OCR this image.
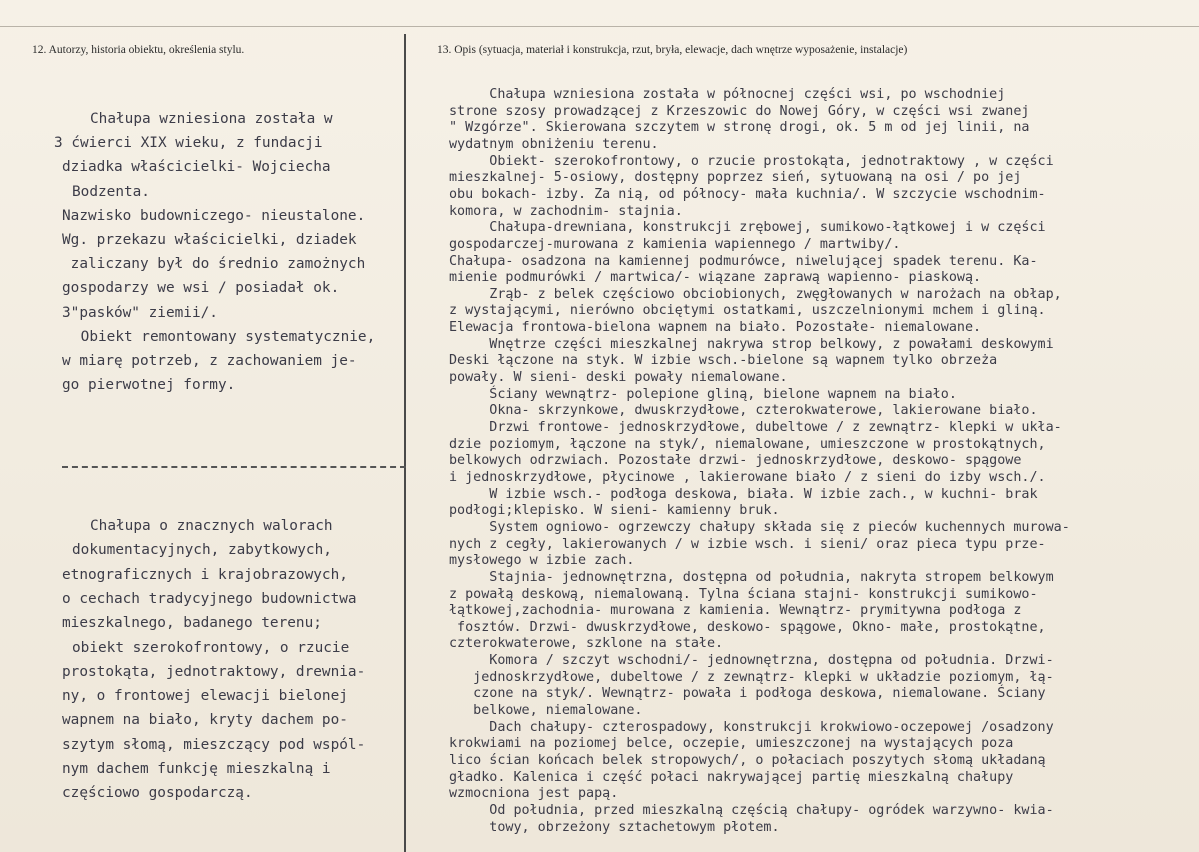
12. Autorzy, historia obiektu, określenia stylu.	13. Opis (sytuacja, materiał i konstrukcja, rzut, bryła, elewacje, dach wnętrze wyposażenie, instalacje)
Chałupa wzniesiona została w
3 ćwierci XIX wieku, z fundacji
dziadka właścicielki- Wojciecha
Bodzenta.
Nazwisko budowniczego- nieustalone.
Wg. przekazu właścicielki, dziadek
zaliczany był do średnio zamożnych
gospodarzy we wsi / posiadał ok.
3"pasków" ziemii/.
Obiekt remontowany systematycznie,
w miarę potrzeb, z zachowaniem je-
go pierwotnej formy.
Chałupa o znacznych walorach
dokumentacyjnych, zabytkowych,
etnograficznych i krajobrazowych,
o cechach tradycyjnego budownictwa
mieszkalnego, badanego terenu;
obiekt szerokofrontowy, o rzucie
prostokąta, jednotraktowy, drewnia-
ny, o frontowej elewacji bielonej
wapnem na biało, kryty dachem po-
szytym słomą, mieszczący pod wspól-
nym dachem funkcję mieszkalną i
częściowo gospodarczą.
Chałupa wzniesiona została w północnej części wsi, po wschodniej
strone szosy prowadzącej z Krzeszowic do Nowej Góry, w części wsi zwanej
" Wzgórze". Skierowana szczytem w stronę drogi, ok. 5 m od jej linii, na
wydatnym obniżeniu terenu.
Obiekt- szerokofrontowy, o rzucie prostokąta, jednotraktowy , w części
mieszkalnej- 5-osiowy, dostępny poprzez sień, sytuowaną na osi / po jej
obu bokach- izby. Za nią, od północy- mała kuchnia/. W szczycie wschodnim-
komora, w zachodnim- stajnia.
Chałupa-drewniana, konstrukcji zrębowej, sumikowo-łątkowej i w części
gospodarczej-murowana z kamienia wapiennego / martwiby/.
Chałupa- osadzona na kamiennej podmurówce, niwelującej spadek terenu. Ka-
mienie podmurówki / martwica/- wiązane zaprawą wapienno- piaskową.
Zrąb- z belek częściowo obciobionych, zwęgłowanych w narożach na obłap,
z wystającymi, nierówno obciętymi ostatkami, uszczelnionymi mchem i gliną.
Elewacja frontowa-bielona wapnem na biało. Pozostałe- niemalowane.
Wnętrze części mieszkalnej nakrywa strop belkowy, z powałami deskowymi
Deski łączone na styk. W izbie wsch.-bielone są wapnem tylko obrzeża
powały. W sieni- deski powały niemalowane.
Ściany wewnątrz- polepione gliną, bielone wapnem na biało.
Okna- skrzynkowe, dwuskrzydłowe, czterokwaterowe, lakierowane biało.
Drzwi frontowe- jednoskrzydłowe, dubeltowe / z zewnątrz- klepki w ukła-
dzie poziomym, łączone na styk/, niemalowane, umieszczone w prostokątnych,
belkowych odrzwiach. Pozostałe drzwi- jednoskrzydłowe, deskowo- spągowe
i jednoskrzydłowe, płycinowe , lakierowane biało / z sieni do izby wsch./.
W izbie wsch.- podłoga deskowa, biała. W izbie zach., w kuchni- brak
podłogi;klepisko. W sieni- kamienny bruk.
System ogniowo- ogrzewczy chałupy składa się z pieców kuchennych murowa-
nych z cegły, lakierowanych / w izbie wsch. i sieni/ oraz pieca typu prze-
mysłowego w izbie zach.
Stajnia- jednownętrzna, dostępna od południa, nakryta stropem belkowym
z powałą deskową, niemalowaną. Tylna ściana stajni- konstrukcji sumikowo-
łątkowej,zachodnia- murowana z kamienia. Wewnątrz- prymitywna podłoga z
fosztów. Drzwi- dwuskrzydłowe, deskowo- spągowe, Okno- małe, prostokątne,
czterokwaterowe, szklone na stałe.
Komora / szczyt wschodni/- jednownętrzna, dostępna od południa. Drzwi-
jednoskrzydłowe, dubeltowe / z zewnątrz- klepki w układzie poziomym, łą-
czone na styk/. Wewnątrz- powała i podłoga deskowa, niemalowane. Ściany
belkowe, niemalowane.
Dach chałupy- czterospadowy, konstrukcji krokwiowo-oczepowej /osadzony
krokwiami na poziomej belce, oczepie, umieszczonej na wystających poza
lico ścian końcach belek stropowych/, o połaciach poszytych słomą układaną
gładko. Kalenica i część połaci nakrywającej partię mieszkalną chałupy
wzmocniona jest papą.
Od południa, przed mieszkalną częścią chałupy- ogródek warzywno- kwia-
towy, obrzeżony sztachetowym płotem.
